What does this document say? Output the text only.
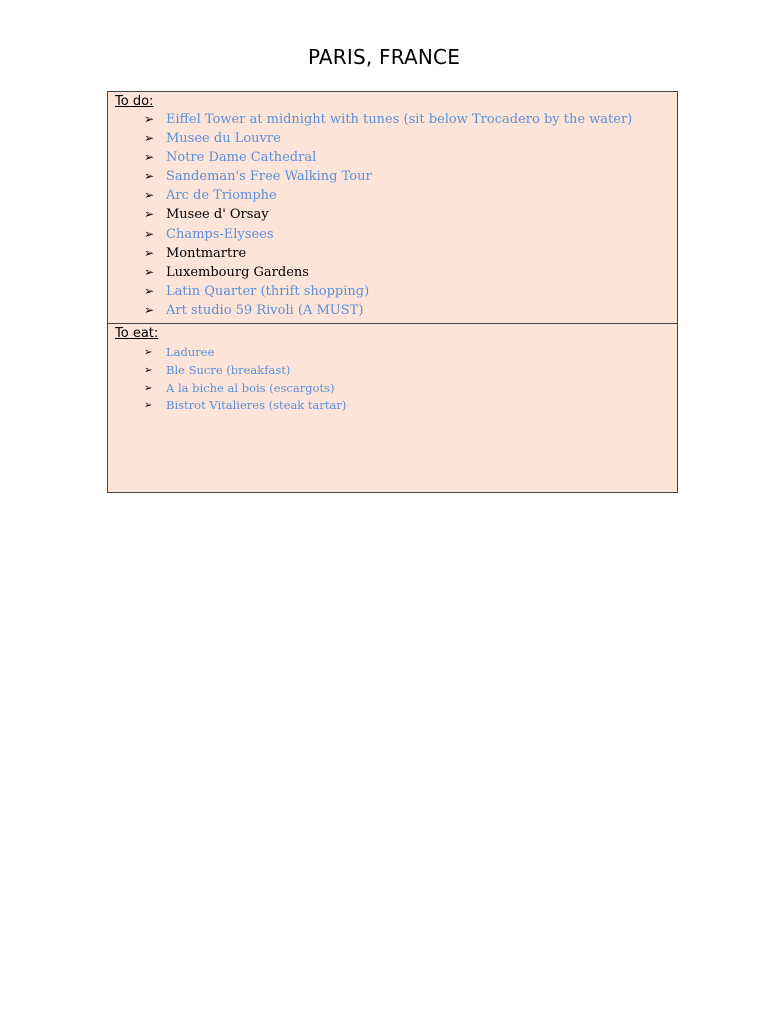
PARIS, FRANCE
To do:
➢ Eiffel Tower at midnight with tunes (sit below Trocadero by the water)
➢ Musee du Louvre
➢ Notre Dame Cathedral
➢ Sandeman's Free Walking Tour
➢ Arc de Triomphe
➢ Musee d' Orsay
➢ Champs-Elysees
➢ Montmartre
➢ Luxembourg Gardens
➢ Latin Quarter (thrift shopping)
➢ Art studio 59 Rivoli (A MUST)
To eat:
➢ Laduree
➢ Ble Sucre (breakfast)
➢ A la biche al bois (escargots)
➢ Bistrot Vitalieres (steak tartar)
